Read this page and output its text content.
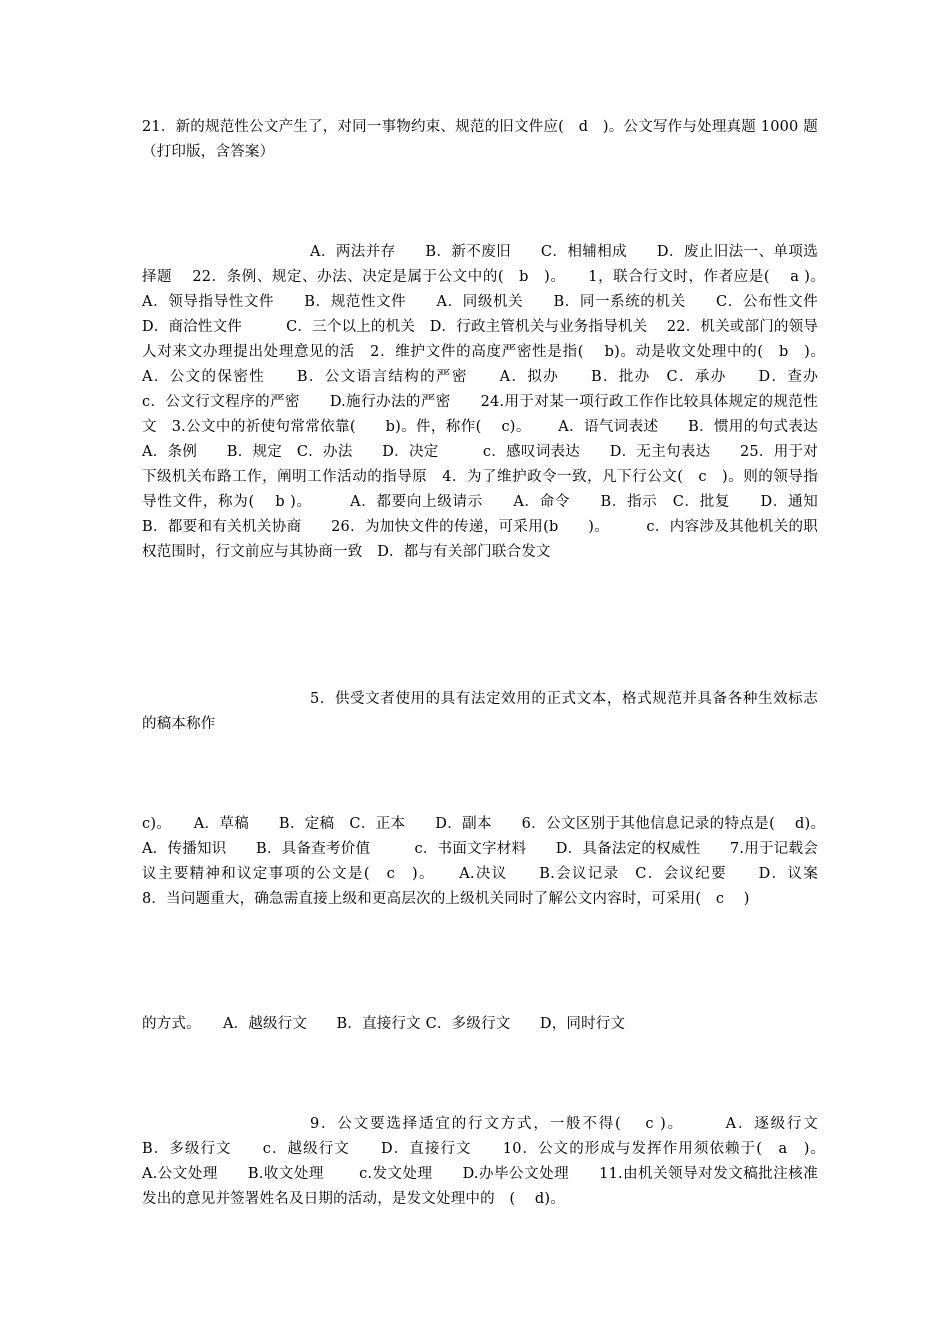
21．新的规范性公文产生了，对同一事物约束、规范的旧文件应(　d　)。公文写作与处理真题 1000 题（打印版，含答案）
A．两法并存　　B．新不废旧　　C．相辅相成　　D．废止旧法一、单项选择题　 22．条例、规定、办法、决定是属于公文中的(　b　)。　　1，联合行文时，作者应是(　 a )。　　 A．领导指导性文件　　B．规范性文件　　A．同级机关　　B．同一系统的机关　　C．公布性文件　　D．商洽性文件　　　C．三个以上的机关　D．行政主管机关与业务指导机关　 22．机关或部门的领导人对来文办理提出处理意见的活　2．维护文件的高度严密性是指(　 b)。动是收文处理中的(　b　)。　　 A．公文的保密性　　B．公文语言结构的严密　　A．拟办　　B．批办　C．承办　　D．查办　　c．公文行文程序的严密　　D.施行办法的严密　　24.用于对某一项行政工作作比较具体规定的规范性文　3.公文中的祈使句常常依靠(　　b)。件，称作(　 c)。　　 A．语气词表述　　B．惯用的句式表达　　A．条例　　B．规定　C．办法　　D．决定　　　c．感叹词表达　　D．无主句表达　　25．用于对下级机关布路工作，阐明工作活动的指导原　4．为了维护政令一致，凡下行公文(　c　)。则的领导指导性文件，称为(　 b )。　　　A．都要向上级请示　　A．命令　　B．指示　C．批复　　D．通知　　B．都要和有关机关协商　　26．为加快文件的传递，可采用(b　　)。　　　c．内容涉及其他机关的职权范围时，行文前应与其协商一致　D．都与有关部门联合发文
5．供受文者使用的具有法定效用的正式文本，格式规范并具备各种生效标志的稿本称作
c)。　　A．草稿　　B．定稿　C．正本　　D．副本　　6．公文区别于其他信息记录的特点是(　 d)。　　A．传播知识　　B．具备查考价值　　　c．书面文字材料　　D．具备法定的权威性　　7.用于记载会议主要精神和议定事项的公文是(　c　)。　　A.决议　　B.会议记录　C．会议纪要　　D．议案　　8．当问题重大，确急需直接上级和更高层次的上级机关同时了解公文内容时，可采用(　c　 )
的方式。　　A．越级行文　　B．直接行文 C．多级行文　　D，同时行文
9．公文要选择适宜的行文方式，一般不得(　 c )。　　　A．逐级行文　　B．多级行文　　c．越级行文　　D．直接行文　　10．公文的形成与发挥作用须依赖于(　a　)。　　A.公文处理　　B.收文处理　　 c.发文处理　　D.办毕公文处理　　11.由机关领导对发文稿批注核准发出的意见并签署姓名及日期的活动，是发文处理中的　(　 d)。
